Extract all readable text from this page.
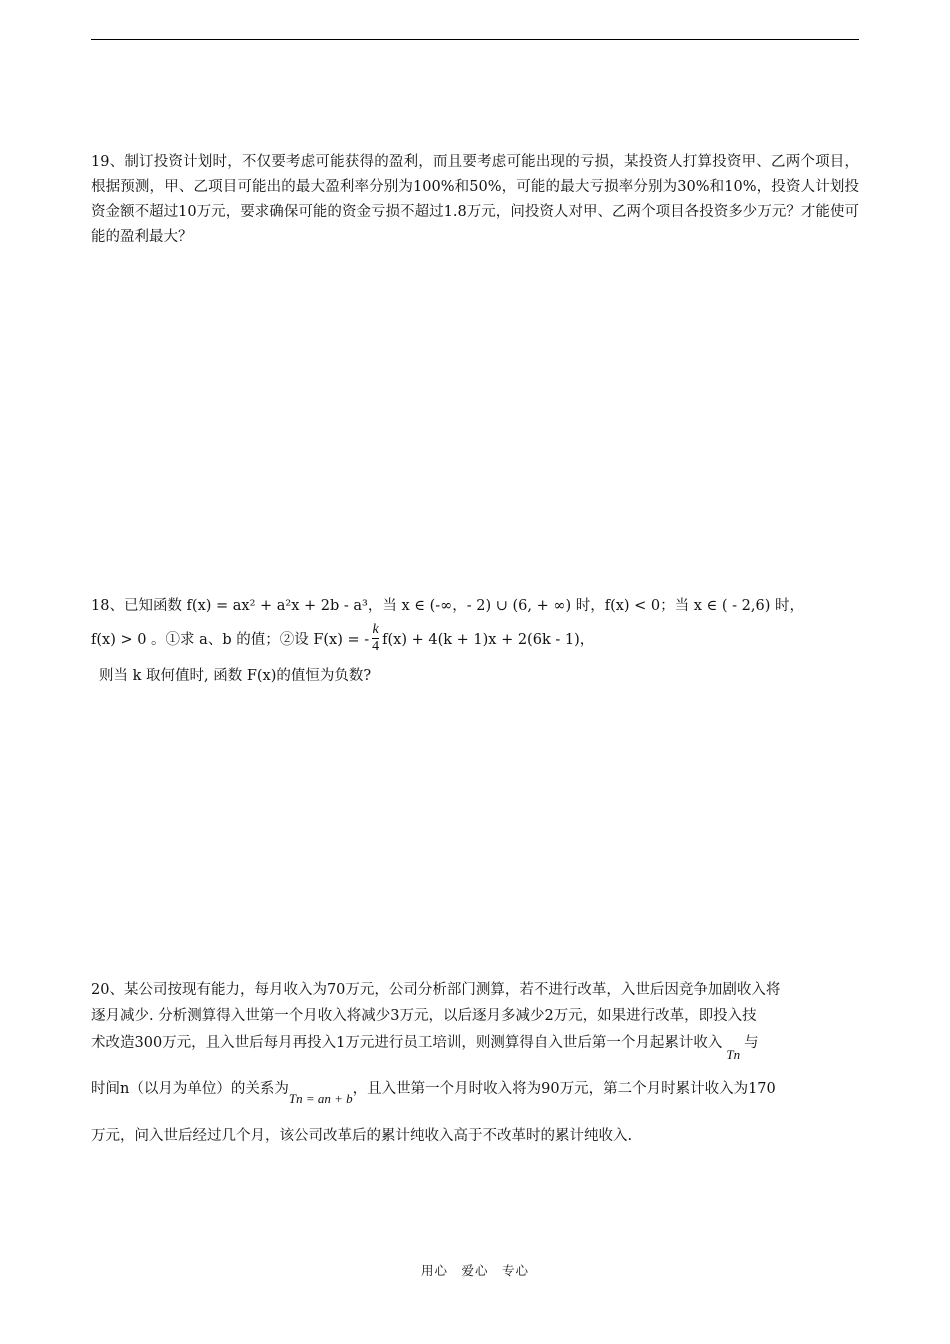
19、制订投资计划时，不仅要考虑可能获得的盈利，而且要考虑可能出现的亏损，某投资人打算投资甲、乙两个项目，根据预测，甲、乙项目可能出的最大盈利率分别为100%和50%，可能的最大亏损率分别为30%和10%，投资人计划投资金额不超过10万元，要求确保可能的资金亏损不超过1.8万元，问投资人对甲、乙两个项目各投资多少万元？才能使可能的盈利最大？

18、已知函数 f(x) = ax² + a²x + 2b - a³，当 x ∈ (-∞，- 2) ∪ (6, + ∞) 时，f(x) < 0；当 x ∈ ( - 2,6) 时，
f(x) > 0 。①求 a、b 的值；②设 F(x) = - $\frac{k}{4} f(x) + 4(k + 1)x + 2(6k - 1)$，
则当 k 取何值时, 函数 F(x)的值恒为负数?
20、某公司按现有能力，每月收入为70万元，公司分析部门测算，若不进行改革，入世后因竞争加剧收入将
逐月减少. 分析测算得入世第一个月收入将减少3万元，以后逐月多减少2万元，如果进行改革，即投入技
术改造300万元，且入世后每月再投入1万元进行员工培训，则测算得自入世后第一个月起累计收入Tn与
时间n（以月为单位）的关系为Tn = an + b，且入世第一个月时收入将为90万元，第二个月时累计收入为170
万元，问入世后经过几个月，该公司改革后的累计纯收入高于不改革时的累计纯收入.
用心　爱心　专心
